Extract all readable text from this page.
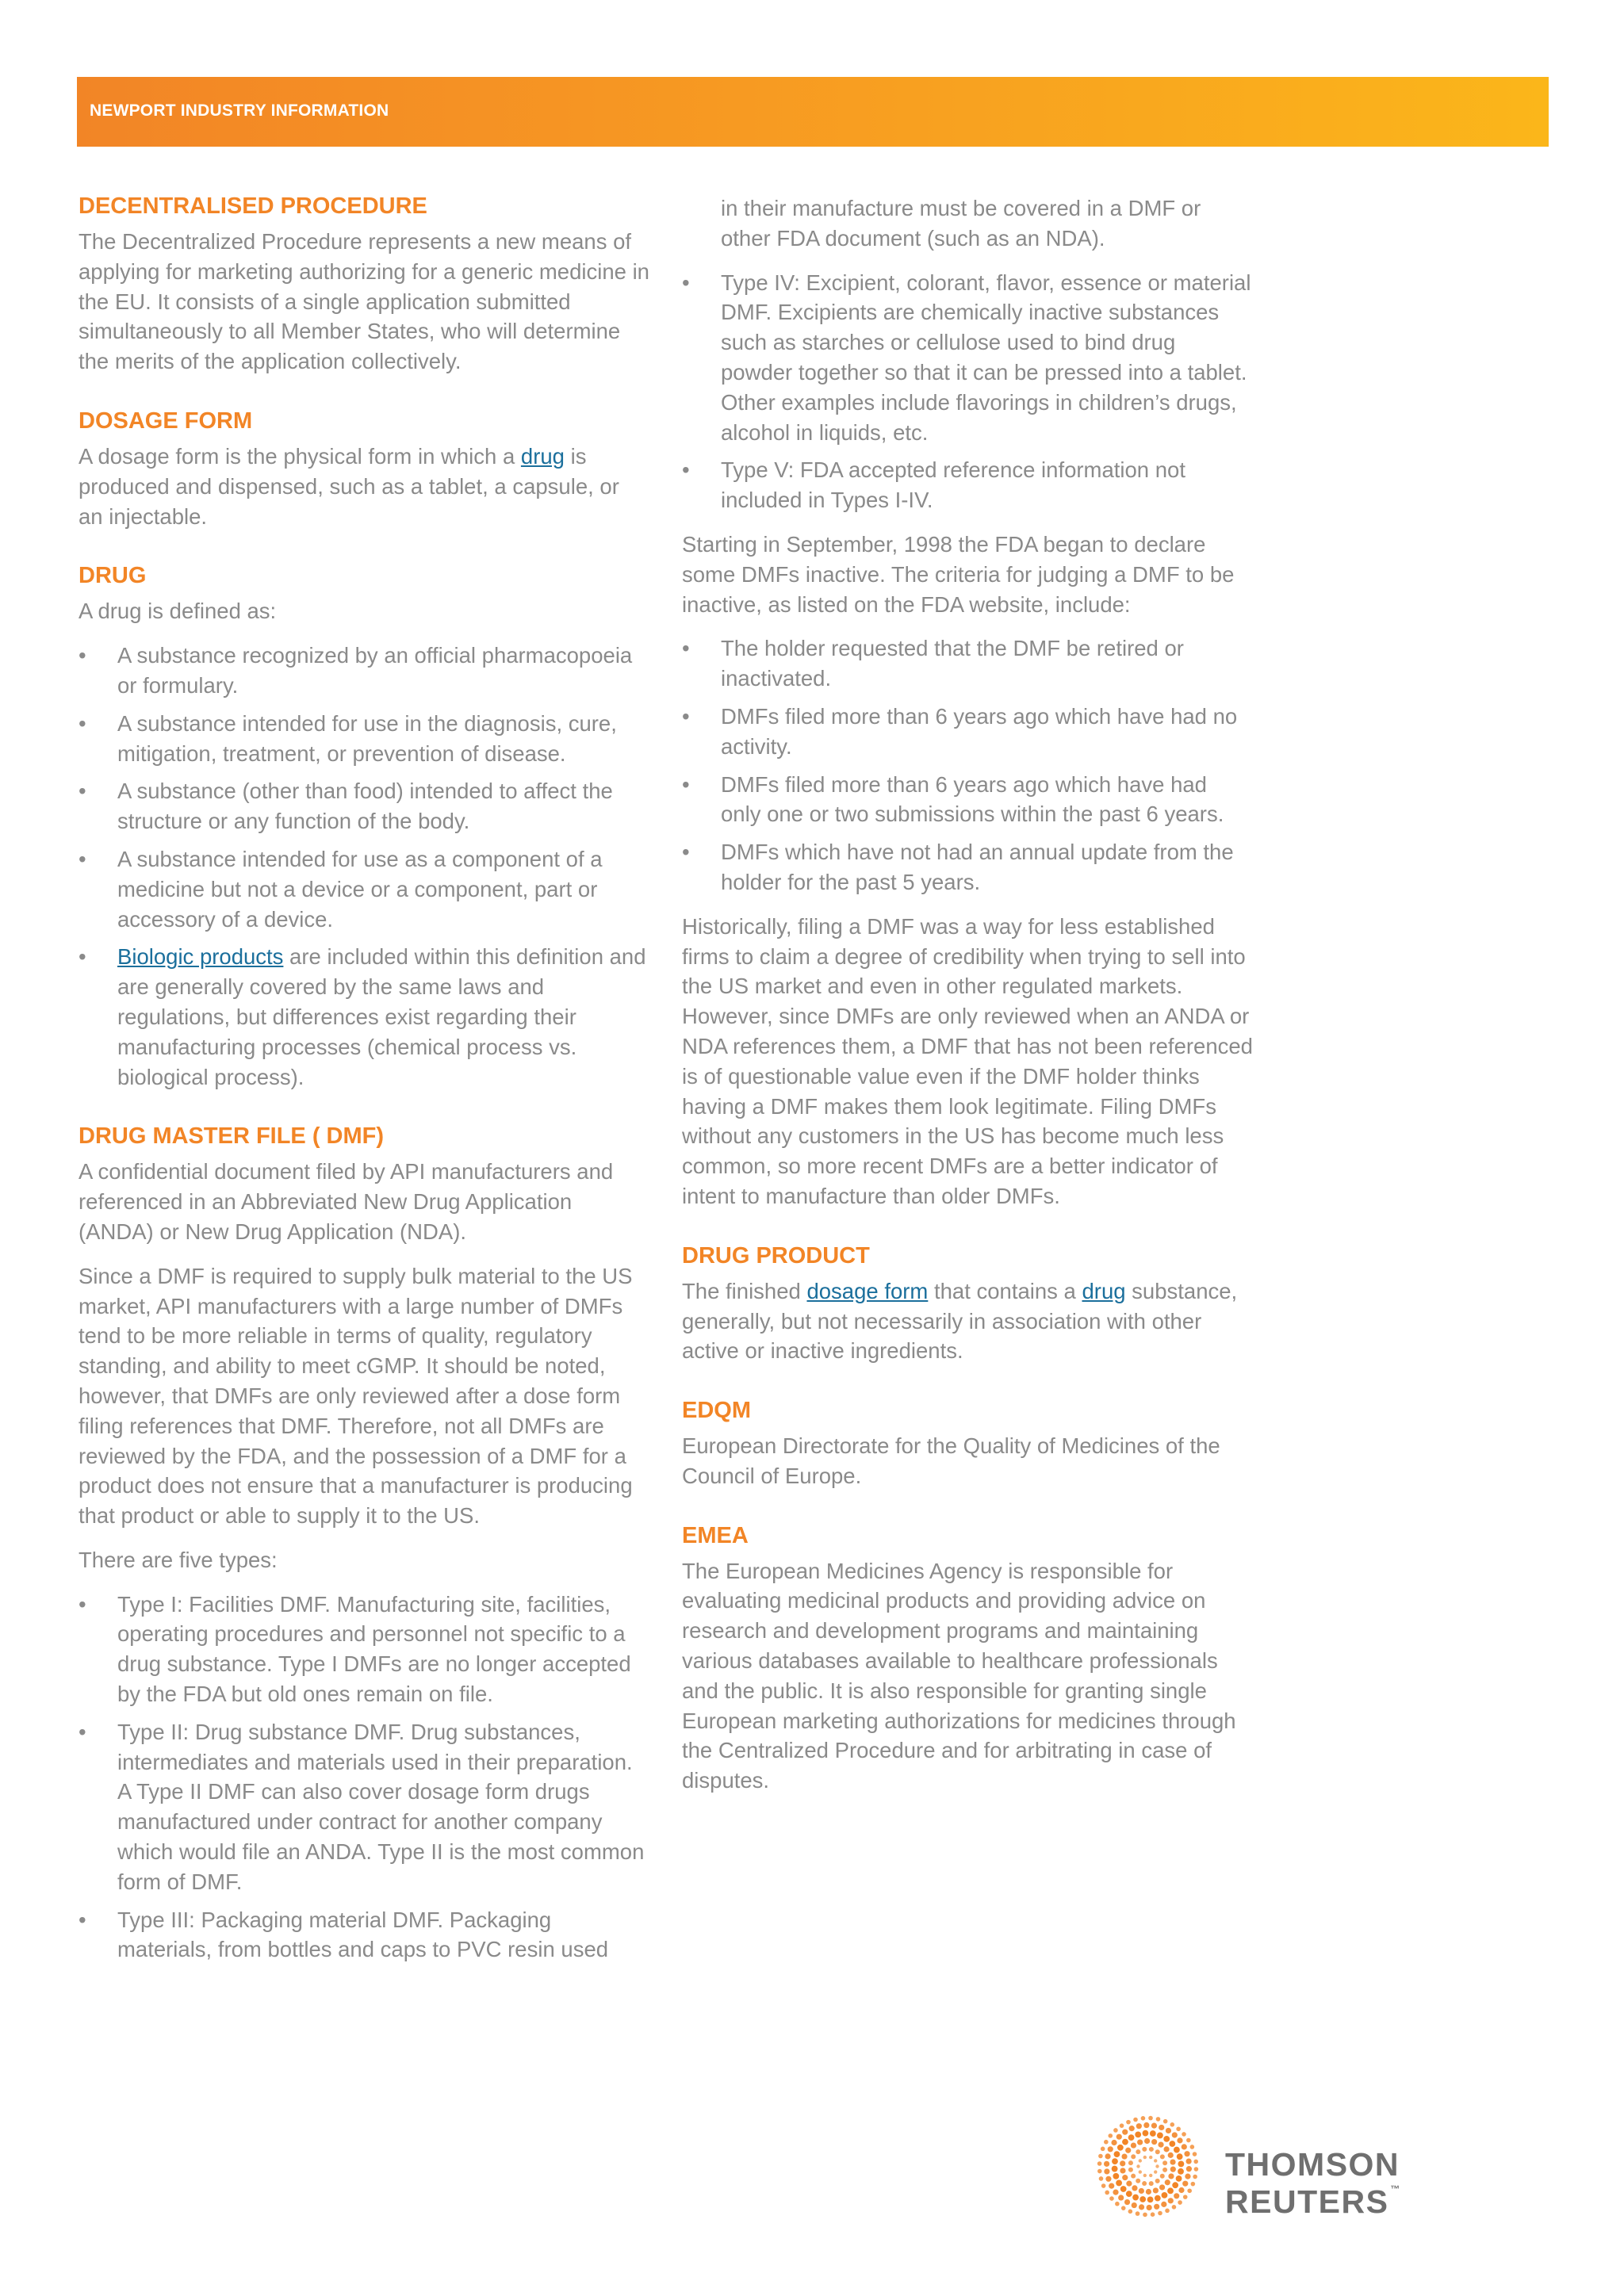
NEWPORT INDUSTRY INFORMATION
DECENTRALISED PROCEDURE

The Decentralized Procedure represents a new means of applying for marketing authorizing for a generic medicine in the EU. It consists of a single application submitted simultaneously to all Member States, who will determine the merits of the application collectively.

DOSAGE FORM

A dosage form is the physical form in which a drug is produced and dispensed, such as a tablet, a capsule, or an injectable.

DRUG

A drug is defined as:

•	A substance recognized by an official pharmacopoeia or formulary.
•	A substance intended for use in the diagnosis, cure, mitigation, treatment, or prevention of disease.
•	A substance (other than food) intended to affect the structure or any function of the body.
•	A substance intended for use as a component of a medicine but not a device or a component, part or accessory of a device.
•	Biologic products are included within this definition and are generally covered by the same laws and regulations, but differences exist regarding their manufacturing processes (chemical process vs. biological process).
DRUG MASTER FILE ( DMF)

A confidential document filed by API manufacturers and referenced in an Abbreviated New Drug Application (ANDA) or New Drug Application (NDA).

Since a DMF is required to supply bulk material to the US market, API manufacturers with a large number of DMFs tend to be more reliable in terms of quality, regulatory standing, and ability to meet cGMP. It should be noted, however, that DMFs are only reviewed after a dose form filing references that DMF. Therefore, not all DMFs are reviewed by the FDA, and the possession of a DMF for a product does not ensure that a manufacturer is producing that product or able to supply it to the US.

There are five types:

•	Type I: Facilities DMF. Manufacturing site, facilities, operating procedures and personnel not specific to a drug substance. Type I DMFs are no longer accepted by the FDA but old ones remain on file.
•	Type II: Drug substance DMF. Drug substances, intermediates and materials used in their preparation. A Type II DMF can also cover dosage form drugs manufactured under contract for another company which would file an ANDA. Type II is the most common form of DMF.
•	Type III: Packaging material DMF. Packaging materials, from bottles and caps to PVC resin used

in their manufacture must be covered in a DMF or other FDA document (such as an NDA).

•	Type IV: Excipient, colorant, flavor, essence or material DMF. Excipients are chemically inactive substances such as starches or cellulose used to bind drug powder together so that it can be pressed into a tablet. Other examples include flavorings in children’s drugs, alcohol in liquids, etc.
•	Type V: FDA accepted reference information not included in Types I-IV.

Starting in September, 1998 the FDA began to declare some DMFs inactive. The criteria for judging a DMF to be inactive, as listed on the FDA website, include:

•	The holder requested that the DMF be retired or inactivated.
•	DMFs filed more than 6 years ago which have had no activity.
•	DMFs filed more than 6 years ago which have had only one or two submissions within the past 6 years.
•	DMFs which have not had an annual update from the holder for the past 5 years.

Historically, filing a DMF was a way for less established firms to claim a degree of credibility when trying to sell into the US market and even in other regulated markets. However, since DMFs are only reviewed when an ANDA or NDA references them, a DMF that has not been referenced is of questionable value even if the DMF holder thinks having a DMF makes them look legitimate. Filing DMFs without any customers in the US has become much less common, so more recent DMFs are a better indicator of intent to manufacture than older DMFs.

DRUG PRODUCT

The finished dosage form that contains a drug substance, generally, but not necessarily in association with other active or inactive ingredients.

EDQM

European Directorate for the Quality of Medicines of the Council of Europe.

EMEA

The European Medicines Agency is responsible for evaluating medicinal products and providing advice on research and development programs and maintaining various databases available to healthcare professionals and the public. It is also responsible for granting single European marketing authorizations for medicines through the Centralized Procedure and for arbitrating in case of disputes.

THOMSON REUTERS ™
